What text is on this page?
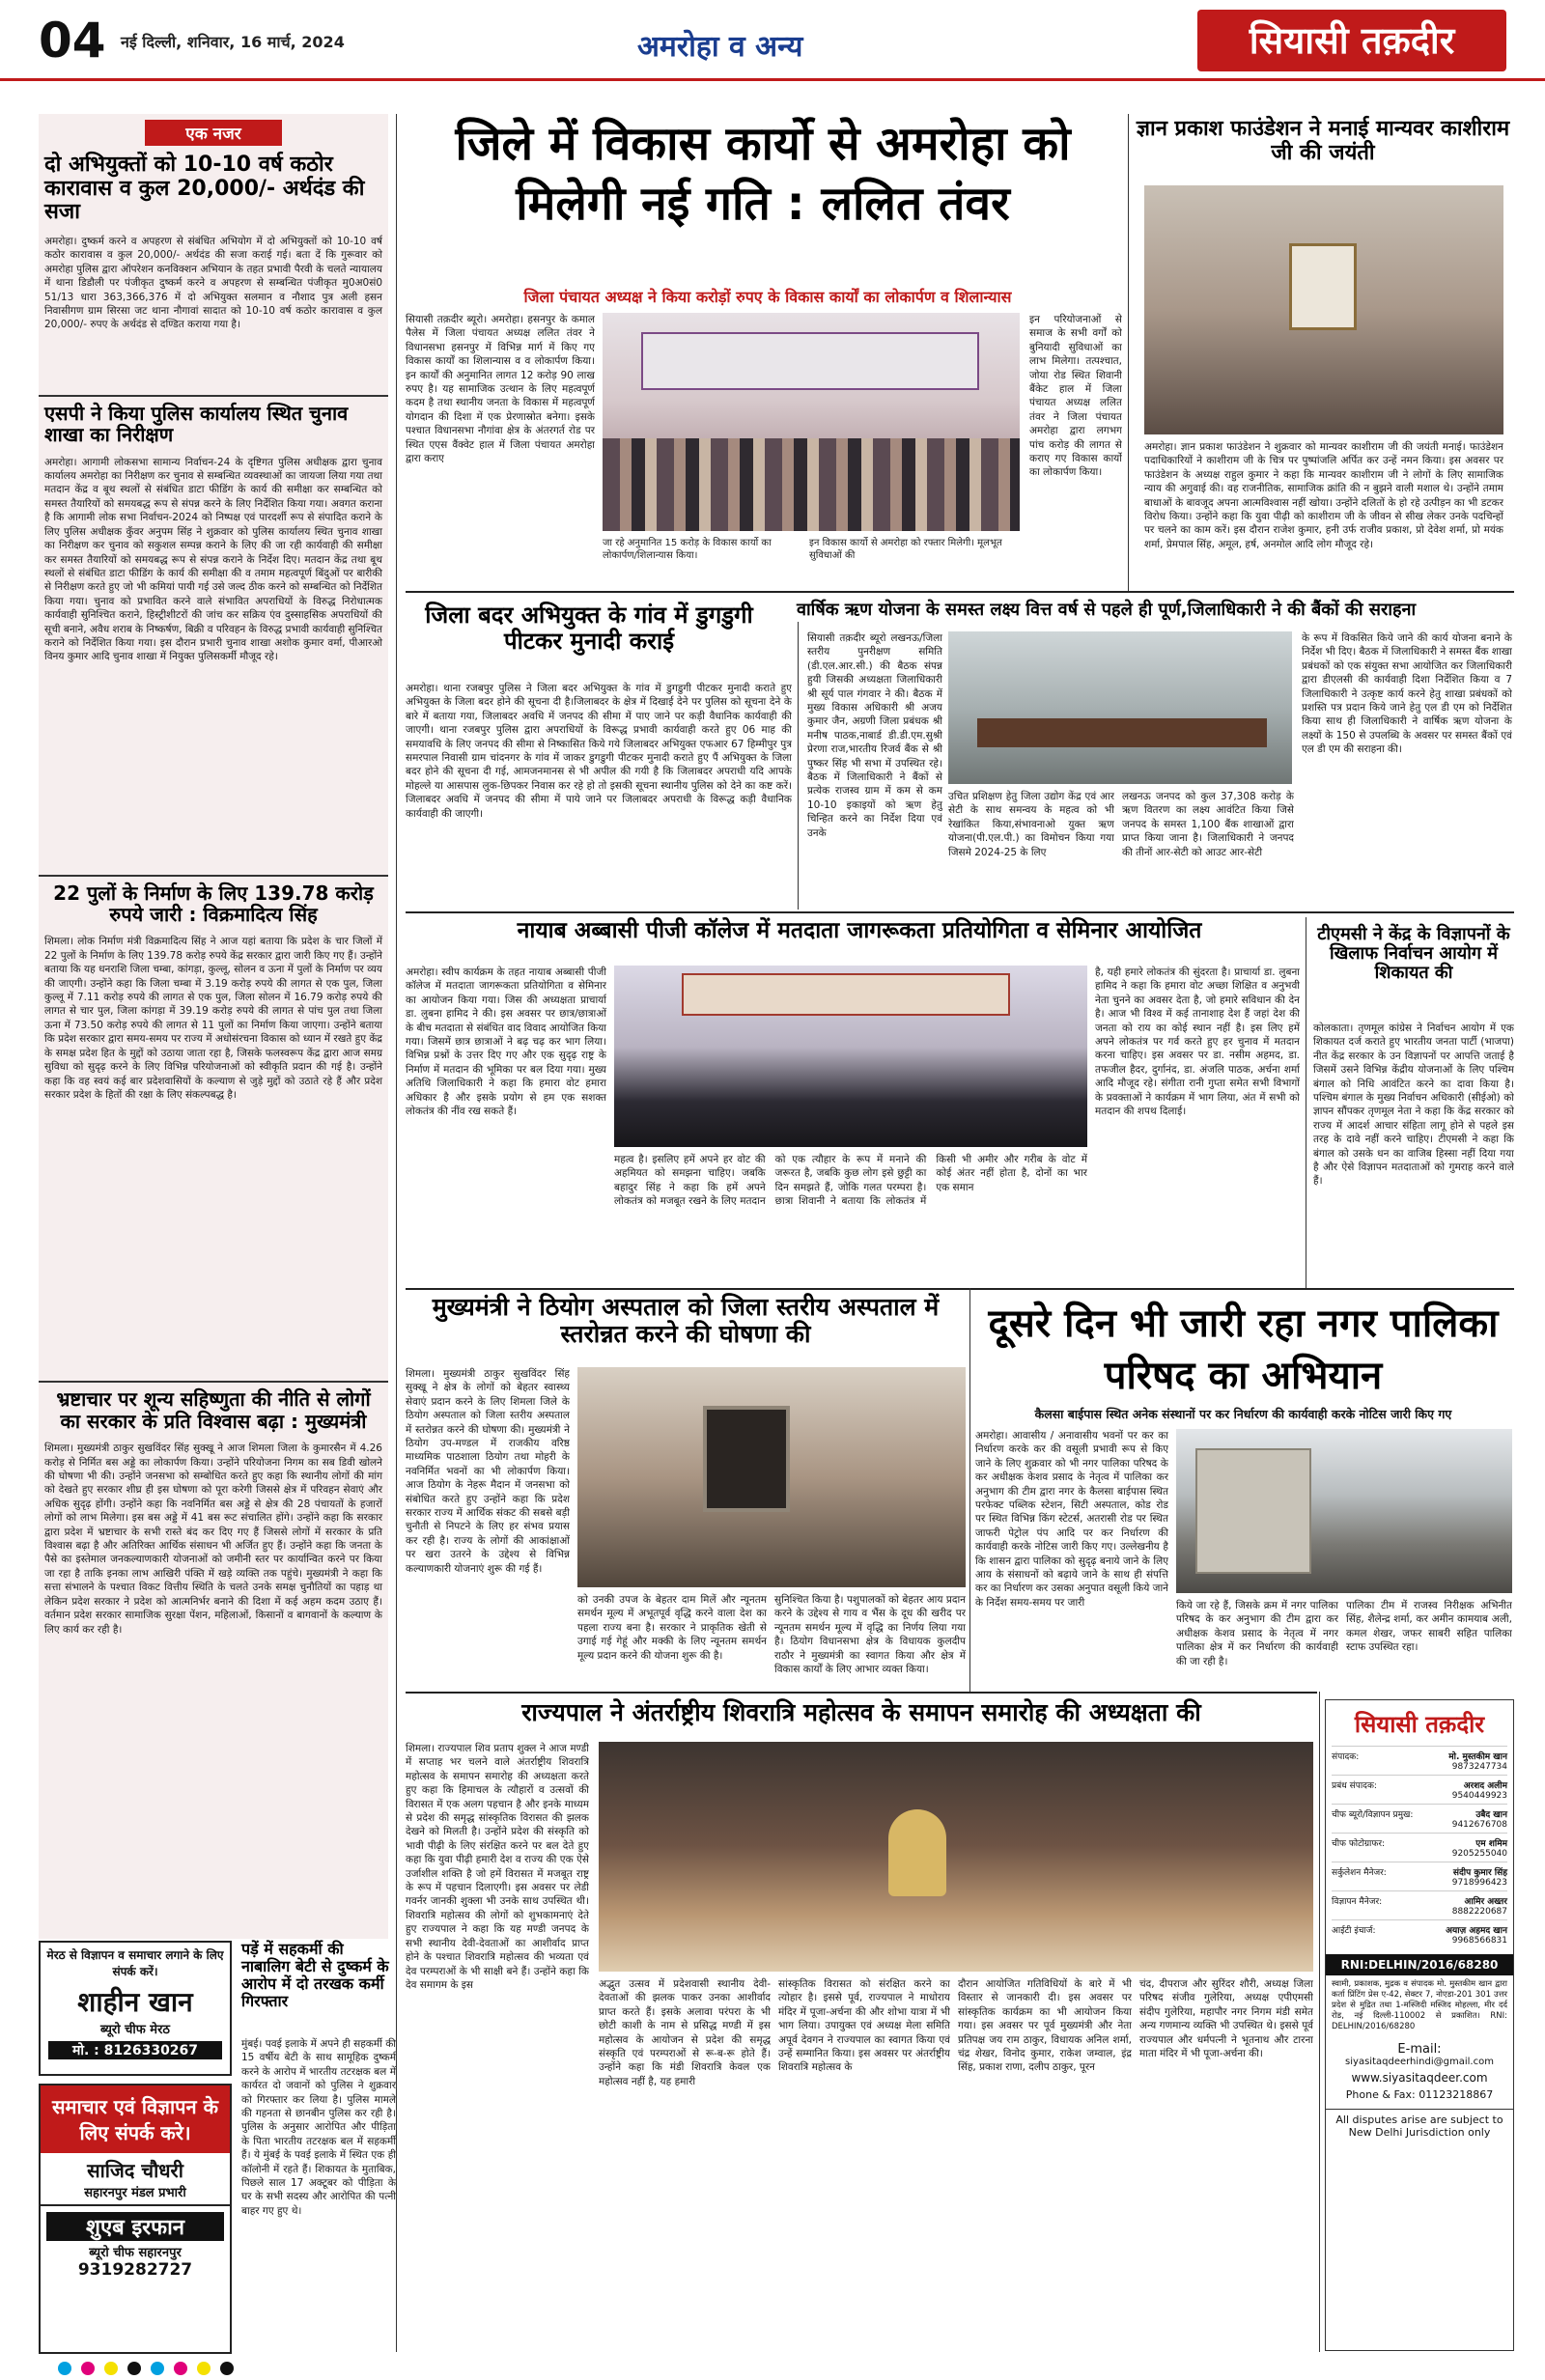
04 नई दिल्ली, शनिवार, 16 मार्च, 2024	अमरोहा व अन्य	सियासी तक़दीर
एक नजर
दो अभियुक्तों को 10-10 वर्ष कठोर कारावास व कुल 20,000/- अर्थदंड की सजा
अमरोहा। दुष्कर्म करने व अपहरण से संबंधित अभियोग में दो अभियुक्तों को 10-10 वर्ष कठोर कारावास व कुल 20,000/- अर्थदंड की सजा कराई गई। बता दें कि गुरूवार को अमरोहा पुलिस द्वारा ऑपरेशन कनविक्शन अभियान के तहत प्रभावी पैरवी के चलते न्यायालय में थाना डिडौली पर पंजीकृत दुष्कर्म करने व अपहरण से सम्बन्धित पंजीकृत मु0अ0सं0 51/13 धारा 363,366,376 में दो अभियुक्त सलमान व नौशाद पुत्र अली हसन निवासीगण ग्राम सिरसा जट थाना नौगावां सादात को 10-10 वर्ष कठोर कारावास व कुल 20,000/- रुपए के अर्थदंड से दण्डित कराया गया है।
एसपी ने किया पुलिस कार्यालय स्थित चुनाव शाखा का निरीक्षण
अमरोहा। आगामी लोकसभा सामान्य निर्वाचन-24 के दृष्टिगत पुलिस अधीक्षक द्वारा चुनाव कार्यालय अमरोहा का निरीक्षण कर चुनाव से सम्बन्धित व्यवस्थाओं का जायजा लिया गया तथा मतदान केंद्र व बूथ स्थलों से संबंधित डाटा फीडिंग के कार्य की समीक्षा कर सम्बन्धित को समस्त तैयारियों को समयबद्ध रूप से संपन्न करने के लिए निर्देशित किया गया। अवगत कराना है कि आगामी लोक सभा निर्वाचन-2024 को निष्पक्ष एवं पारदर्शी रूप से संपादित कराने के लिए पुलिस अधीक्षक कुँवर अनुपम सिंह ने शुक्रवार को पुलिस कार्यालय स्थित चुनाव शाखा का निरीक्षण कर चुनाव को सकुशल सम्पन्न कराने के लिए की जा रही कार्यवाही की समीक्षा कर समस्त तैयारियों को समयबद्ध रूप से संपन्न कराने के निर्देश दिए। मतदान केंद्र तथा बूथ स्थलों से संबंधित डाटा फीडिंग के कार्य की समीक्षा की व तमाम महत्वपूर्ण बिंदुओं पर बारीकी से निरीक्षण करते हुए जो भी कमियां पायी गई उसे जल्द ठीक करने को सम्बन्धित को निर्देशित किया गया। चुनाव को प्रभावित करने वाले संभावित अपराधियों के विरुद्ध निरोधात्मक कार्यवाही सुनिश्चित कराने, हिस्ट्रीशीटरों की जांच कर सक्रिय एंव दुस्साहसिक अपराधियों की सूची बनाने, अवैध शराब के निष्कर्षण, बिक्री व परिवहन के विरुद्ध प्रभावी कार्यवाही सुनिश्चित कराने को निर्देशित किया गया। इस दौरान प्रभारी चुनाव शाखा अशोक कुमार वर्मा, पीआरओ विनय कुमार आदि चुनाव शाखा में नियुक्त पुलिसकर्मी मौजूद रहे।
22 पुलों के निर्माण के लिए 139.78 करोड़ रुपये जारी : विक्रमादित्य सिंह
शिमला। लोक निर्माण मंत्री विक्रमादित्य सिंह ने आज यहां बताया कि प्रदेश के चार जिलों में 22 पुलों के निर्माण के लिए 139.78 करोड़ रुपये केंद्र सरकार द्वारा जारी किए गए हैं। उन्होंने बताया कि यह धनराशि जिला चम्बा, कांगड़ा, कुल्लू, सोलन व ऊना में पुलों के निर्माण पर व्यय की जाएगी। उन्होंने कहा कि जिला चम्बा में 3.19 करोड़ रुपये की लागत से एक पुल, जिला कुल्लू में 7.11 करोड़ रुपये की लागत से एक पुल, जिला सोलन में 16.79 करोड़ रुपये की लागत से चार पुल, जिला कांगड़ा में 39.19 करोड़ रुपये की लागत से पांच पुल तथा जिला ऊना में 73.50 करोड़ रुपये की लागत से 11 पुलों का निर्माण किया जाएगा। उन्होंने बताया कि प्रदेश सरकार द्वारा समय-समय पर राज्य में अधोसंरचना विकास को ध्यान में रखते हुए केंद्र के समक्ष प्रदेश हित के मुद्दों को उठाया जाता रहा है, जिसके फलस्वरूप केंद्र द्वारा आज समग्र सुविधा को सुदृढ़ करने के लिए विभिन्न परियोजनाओं को स्वीकृति प्रदान की गई है। उन्होंने कहा कि वह स्वयं कई बार प्रदेशवासियों के कल्याण से जुड़े मुद्दों को उठाते रहे हैं और प्रदेश सरकार प्रदेश के हितों की रक्षा के लिए संकल्पबद्ध है।
भ्रष्टाचार पर शून्य सहिष्णुता की नीति से लोगों का सरकार के प्रति विश्वास बढ़ा : मुख्यमंत्री
शिमला। मुख्यमंत्री ठाकुर सुखविंदर सिंह सुक्खू ने आज शिमला जिला के कुमारसैन में 4.26 करोड़ से निर्मित बस अड्डे का लोकार्पण किया। उन्होंने परियोजना निगम का सब डिवी खोलने की घोषणा भी की। उन्होंने जनसभा को सम्बोधित करते हुए कहा कि स्थानीय लोगों की मांग को देखते हुए सरकार शीघ्र ही इस घोषणा को पूरा करेगी जिससे क्षेत्र में परिवहन सेवाएं और अधिक सुदृढ़ होंगी। उन्होंने कहा कि नवनिर्मित बस अड्डे से क्षेत्र की 28 पंचायतों के हजारों लोगों को लाभ मिलेगा। इस बस अड्डे में 41 बस रूट संचालित होंगे। उन्होंने कहा कि सरकार द्वारा प्रदेश में भ्रष्टाचार के सभी रास्ते बंद कर दिए गए हैं जिससे लोगों में सरकार के प्रति विश्वास बढ़ा है और अतिरिक्त आर्थिक संसाधन भी अर्जित हुए हैं। उन्होंने कहा कि जनता के पैसे का इस्तेमाल जनकल्याणकारी योजनाओं को जमीनी स्तर पर कार्यान्वित करने पर किया जा रहा है ताकि इनका लाभ आखिरी पंक्ति में खड़े व्यक्ति तक पहुंचे। मुख्यमंत्री ने कहा कि सत्ता संभालने के पश्चात विकट वित्तीय स्थिति के चलते उनके समक्ष चुनौतियों का पहाड़ था लेकिन प्रदेश सरकार ने प्रदेश को आत्मनिर्भर बनाने की दिशा में कई अहम कदम उठाए हैं। वर्तमान प्रदेश सरकार सामाजिक सुरक्षा पेंशन, महिलाओं, किसानों व बागवानों के कल्याण के लिए कार्य कर रही है।
मेरठ से विज्ञापन व समाचार लगाने के लिए संपर्क करें।
शाहीन खान
ब्यूरो चीफ मेरठ
मो. : 8126330267
समाचार एवं विज्ञापन के लिए संपर्क करे।
साजिद चौधरी
सहारनपुर मंडल प्रभारी
शुएब इरफान
ब्यूरो चीफ सहारनपुर
9319282727
जिले में विकास कार्यो से अमरोहा को मिलेगी नई गति : ललित तंवर
जिला पंचायत अध्यक्ष ने किया करोड़ों रुपए के विकास कार्यों का लोकार्पण व शिलान्यास
सियासी तक़दीर ब्यूरो। अमरोहा। हसनपुर के कमाल पैलेस में जिला पंचायत अध्यक्ष ललित तंवर ने विधानसभा हसनपुर में विभिन्न मार्ग में किए गए विकास कार्यों का शिलान्यास व व लोकार्पण किया। इन कार्यों की अनुमानित लागत 12 करोड़ 90 लाख रुपए है। यह सामाजिक उत्थान के लिए महत्वपूर्ण कदम है तथा स्थानीय जनता के विकास में महत्वपूर्ण योगदान की दिशा में एक प्रेरणास्रोत बनेगा। इसके पश्चात विधानसभा नौगांवा क्षेत्र के अंतरगर्त रोड पर स्थित एएस वैंक्वेट हाल में जिला पंचायत अमरोहा द्वारा कराए
जा रहे अनुमानित 15 करोड़ के विकास कार्यो का लोकार्पण/शिलान्यास किया।
इन विकास कार्यो से अमरोहा को रफ्तार मिलेगी। मूलभूत सुविधाओं की
इन परियोजनाओं से समाज के सभी वर्गों को बुनियादी सुविधाओं का लाभ मिलेगा। तत्पश्चात, जोया रोड स्थित शिवानी बैंकेट हाल में जिला पंचायत अध्यक्ष ललित तंवर ने जिला पंचायत अमरोहा द्वारा लगभग पांच करोड़ की लागत से कराए गए विकास कार्यो का लोकार्पण किया।
ज्ञान प्रकाश फाउंडेशन ने मनाई मान्यवर काशीराम जी की जयंती
अमरोहा। ज्ञान प्रकाश फाउंडेशन ने शुक्रवार को मान्यवर काशीराम जी की जयंती मनाई। फाउंडेशन पदाधिकारियों ने काशीराम जी के चित्र पर पुष्पांजलि अर्पित कर उन्हें नमन किया। इस अवसर पर फाउंडेशन के अध्यक्ष राहुल कुमार ने कहा कि मान्यवर काशीराम जी ने लोगों के लिए सामाजिक न्याय की अगुवाई की। वह राजनीतिक, सामाजिक क्रांति की न बुझने वाली मशाल थे। उन्होंने तमाम बाधाओं के बावजूद अपना आत्मविश्वास नहीं खोया। उन्होंने दलितों के हो रहे उत्पीड़न का भी डटकर विरोध किया। उन्होंने कहा कि युवा पीढ़ी को काशीराम जी के जीवन से सीख लेकर उनके पदचिन्हों पर चलने का काम करें। इस दौरान राजेश कुमार, हनी उर्फ राजीव प्रकाश, प्रो देवेश शर्मा, प्रो मयंक शर्मा, प्रेमपाल सिंह, अमूल, हर्ष, अनमोल आदि लोग मौजूद रहे।
जिला बदर अभियुक्त के गांव में डुगडुगी पीटकर मुनादी कराई
अमरोहा। थाना रजबपुर पुलिस ने जिला बदर अभियुक्त के गांव में डुगडुगी पीटकर मुनादी कराते हुए अभियुक्त के जिला बदर होने की सूचना दी है।जिलाबदर के क्षेत्र में दिखाई देने पर पुलिस को सूचना देने के बारे में बताया गया, जिलाबदर अवधि में जनपद की सीमा में पाए जाने पर कड़ी वैधानिक कार्यवाही की जाएगी। थाना रजबपुर पुलिस द्वारा अपराधियों के विरूद्ध प्रभावी कार्यवाही करते हुए 06 माह की समयावधि के लिए जनपद की सीमा से निष्कासित किये गये जिलाबदर अभियुक्त एफआर 67 हिम्मीपुर पुत्र समरपाल निवासी ग्राम चांदनगर के गांव में जाकर डुगडुगी पीटकर मुनादी कराते हुए पैं अभियुक्त के जिला बदर होने की सूचना दी गई, आमजनमानस से भी अपील की गयी है कि जिलाबदर अपराधी यदि आपके मोहल्ले या आसपास लुक-छिपकर निवास कर रहे हो तो इसकी सूचना स्थानीय पुलिस को देने का कष्ट करें। जिलाबदर अवधि में जनपद की सीमा में पाये जाने पर जिलाबदर अपराधी के विरूद्ध कड़ी वैधानिक कार्यवाही की जाएगी।
वार्षिक ऋण योजना के समस्त लक्ष्य वित्त वर्ष से पहले ही पूर्ण,जिलाधिकारी ने की बैंकों की सराहना
सियासी तक़दीर ब्यूरो लखनऊ/जिला स्तरीय पुनरीक्षण समिति (डी.एल.आर.सी.) की बैठक संपन्न हुयी जिसकी अध्यक्षता जिलाधिकारी श्री सूर्य पाल गंगवार ने की। बैठक में मुख्य विकास अधिकारी श्री अजय कुमार जैन, अग्रणी जिला प्रबंधक श्री मनीष पाठक,नाबार्ड डी.डी.एम.सुश्री प्रेरणा राज,भारतीय रिजर्व बैंक से श्री पुष्कर सिंह भी सभा में उपस्थित रहे। बैठक में जिलाधिकारी ने बैंकों से प्रत्येक राजस्व ग्राम में कम से कम 10-10 इकाइयों को ऋण हेतु चिन्हित करने का निर्देश दिया एवं उनके
उचित प्रशिक्षण हेतु जिला उद्योग केंद्र एवं आर सेटी के साथ समन्वय के महत्व को भी रेखांकित किया,संभावनाओ युक्त ऋण योजना(पी.एल.पी.) का विमोचन किया गया जिसमे 2024-25 के लिए
लखनऊ जनपद को कुल 37,308 करोड़ के ऋण वितरण का लक्ष्य आवंटित किया जिसे जनपद के समस्त 1,100 बैंक शाखाओं द्वारा प्राप्त किया जाना है। जिलाधिकारी ने जनपद की तीनों आर-सेटी को आउट आर-सेटी
के रूप में विकसित किये जाने की कार्य योजना बनाने के निर्देश भी दिए। बैठक में जिलाधिकारी ने समस्त बैंक शाखा प्रबंधकों को एक संयुक्त सभा आयोजित कर जिलाधिकारी द्वारा डीएलसी की कार्यवाही दिशा निर्देशित किया व 7 जिलाधिकारी ने उत्कृष्ट कार्य करने हेतु शाखा प्रबंधकों को प्रशस्ति पत्र प्रदान किये जाने हेतु एल डी एम को निर्देशित किया साथ ही जिलाधिकारी ने वार्षिक ऋण योजना के लक्ष्यों के 150 से उपलब्धि के अवसर पर समस्त बैंकों एवं एल डी एम की सराहना की।
नायाब अब्बासी पीजी कॉलेज में मतदाता जागरूकता प्रतियोगिता व सेमिनार आयोजित
अमरोहा। स्वीप कार्यक्रम के तहत नायाब अब्बासी पीजी कॉलेज में मतदाता जागरूकता प्रतियोगिता व सेमिनार का आयोजन किया गया। जिस की अध्यक्षता प्राचार्या डा. लुबना हामिद ने की। इस अवसर पर छात्र/छात्राओं के बीच मतदाता से संबंधित वाद विवाद आयोजित किया गया। जिसमें छात्र छात्राओं ने बढ़ चढ़ कर भाग लिया। विभिन्न प्रश्नों के उत्तर दिए गए और एक सुदृढ़ राष्ट्र के निर्माण में मतदान की भूमिका पर बल दिया गया। मुख्य अतिथि जिलाधिकारी ने कहा कि हमारा वोट हमारा अधिकार है और इसके प्रयोग से हम एक सशक्त लोकतंत्र की नींव रख सकते हैं।
महत्व है। इसलिए हमें अपने हर वोट की अहमियत को समझना चाहिए। जबकि बहादुर सिंह ने कहा कि हमें अपने लोकतंत्र को मजबूत रखने के लिए मतदान को एक त्यौहार के रूप में मनाने की जरूरत है, जबकि कुछ लोग इसे छुट्टी का दिन समझते हैं, जोकि गलत परम्परा है। छात्रा शिवानी ने बताया कि लोकतंत्र में किसी भी अमीर और गरीब के वोट में कोई अंतर नहीं होता है, दोनों का भार एक समान
है, यही हमारे लोकतंत्र की सुंदरता है। प्राचार्या डा. लुबना हामिद ने कहा कि हमारा वोट अच्छा शिक्षित व अनुभवी नेता चुनने का अवसर देता है, जो हमारे सविधान की देन है। आज भी विश्व में कई तानाशाह देश हैं जहां देश की जनता को राय का कोई स्थान नहीं है। इस लिए हमें अपने लोकतंत्र पर गर्व करते हुए हर चुनाव में मतदान करना चाहिए। इस अवसर पर डा. नसीम अहमद, डा. तफजील हैदर, दुर्गानंद, डा. अंजलि पाठक, अर्चना शर्मा आदि मौजूद रहे। संगीता रानी गुप्ता समेत सभी विभागों के प्रवक्ताओं ने कार्यक्रम में भाग लिया, अंत में सभी को मतदान की शपथ दिलाई।
टीएमसी ने केंद्र के विज्ञापनों के खिलाफ निर्वाचन आयोग में शिकायत की
कोलकाता। तृणमूल कांग्रेस ने निर्वाचन आयोग में एक शिकायत दर्ज कराते हुए भारतीय जनता पार्टी (भाजपा) नीत केंद्र सरकार के उन विज्ञापनों पर आपत्ति जताई है जिसमें उसने विभिन्न केंद्रीय योजनाओं के लिए पश्चिम बंगाल को निधि आवंटित करने का दावा किया है। पश्चिम बंगाल के मुख्य निर्वाचन अधिकारी (सीईओ) को ज्ञापन सौंपकर तृणमूल नेता ने कहा कि केंद्र सरकार को राज्य में आदर्श आचार संहिता लागू होने से पहले इस तरह के दावे नहीं करने चाहिए। टीएमसी ने कहा कि बंगाल को उसके धन का वाजिब हिस्सा नहीं दिया गया है और ऐसे विज्ञापन मतदाताओं को गुमराह करने वाले हैं।
मुख्यमंत्री ने ठियोग अस्पताल को जिला स्तरीय अस्पताल में स्तरोन्नत करने की घोषणा की
शिमला। मुख्यमंत्री ठाकुर सुखविंदर सिंह सुक्खू ने क्षेत्र के लोगों को बेहतर स्वास्थ्य सेवाएं प्रदान करने के लिए शिमला जिले के ठियोग अस्पताल को जिला स्तरीय अस्पताल में स्तरोन्नत करने की घोषणा की। मुख्यमंत्री ने ठियोग उप-मण्डल में राजकीय वरिष्ठ माध्यमिक पाठशाला ठियोग तथा मोहरी के नवनिर्मित भवनों का भी लोकार्पण किया। आज ठियोग के नेहरू मैदान में जनसभा को संबोधित करते हुए उन्होंने कहा कि प्रदेश सरकार राज्य में आर्थिक संकट की सबसे बड़ी चुनौती से निपटने के लिए हर संभव प्रयास कर रही है। राज्य के लोगों की आकांक्षाओं पर खरा उतरने के उद्देश्य से विभिन्न कल्याणकारी योजनाएं शुरू की गई हैं।
को उनकी उपज के बेहतर दाम मिलें और न्यूनतम समर्थन मूल्य में अभूतपूर्व वृद्धि करने वाला देश का पहला राज्य बना है। सरकार ने प्राकृतिक खेती से उगाई गई गेहूं और मक्की के लिए न्यूनतम समर्थन मूल्य प्रदान करने की योजना शुरू की है।
सुनिश्चित किया है। पशुपालकों को बेहतर आय प्रदान करने के उद्देश्य से गाय व भैंस के दूध की खरीद पर न्यूनतम समर्थन मूल्य में वृद्धि का निर्णय लिया गया है। ठियोग विधानसभा क्षेत्र के विधायक कुलदीप राठौर ने मुख्यमंत्री का स्वागत किया और क्षेत्र में विकास कार्यों के लिए आभार व्यक्त किया।
दूसरे दिन भी जारी रहा नगर पालिका परिषद का अभियान
कैलसा बाईपास स्थित अनेक संस्थानों पर कर निर्धारण की कार्यवाही करके नोटिस जारी किए गए
अमरोहा। आवासीय / अनावासीय भवनों पर कर का निर्धारण करके कर की वसूली प्रभावी रूप से किए जाने के लिए शुक्रवार को भी नगर पालिका परिषद के कर अधीक्षक केशव प्रसाद के नेतृत्व में पालिका कर अनुभाग की टीम द्वारा नगर के कैलसा बाईपास स्थित परफेक्ट पब्लिक स्टेशन, सिटी अस्पताल, कोड रोड पर स्थित विभिन्न किंग स्टेटर्स, अतरासी रोड पर स्थित जाफरी पेट्रोल पंप आदि पर कर निर्धारण की कार्यवाही करके नोटिस जारी किए गए। उल्लेखनीय है कि शासन द्वारा पालिका को सुदृढ़ बनाये जाने के लिए आय के संसाधनों को बढ़ाये जाने के साथ ही संपत्ति कर का निर्धारण कर उसका अनुपात वसूली किये जाने के निर्देश समय-समय पर जारी	किये जा रहे हैं, जिसके क्रम में नगर पालिका परिषद के कर अनुभाग की टीम द्वारा कर अधीक्षक केशव प्रसाद के नेतृत्व में नगर पालिका क्षेत्र में कर निर्धारण की कार्यवाही की जा रही है।
पालिका टीम में राजस्व निरीक्षक अभिनीत सिंह, शैलेन्द्र शर्मा, कर अमीन कामयाब अली, कमल शेखर, जफर साबरी सहित पालिका स्टाफ उपस्थित रहा।
राज्यपाल ने अंतर्राष्ट्रीय शिवरात्रि महोत्सव के समापन समारोह की अध्यक्षता की
शिमला। राज्यपाल शिव प्रताप शुक्ल ने आज मण्डी में सप्ताह भर चलने वाले अंतर्राष्ट्रीय शिवरात्रि महोत्सव के समापन समारोह की अध्यक्षता करते हुए कहा कि हिमाचल के त्यौहारों व उत्सवों की विरासत में एक अलग पहचान है और इनके माध्यम से प्रदेश की समृद्ध सांस्कृतिक विरासत की झलक देखने को मिलती है। उन्होंने प्रदेश की संस्कृति को भावी पीढ़ी के लिए संरक्षित करने पर बल देते हुए कहा कि युवा पीढ़ी हमारी देश व राज्य की एक ऐसे उर्जाशील शक्ति है जो हमें विरासत में मजबूत राष्ट्र के रूप में पहचान दिलाएगी। इस अवसर पर लेडी गवर्नर जानकी शुक्ला भी उनके साथ उपस्थित थी। शिवरात्रि महोत्सव की लोगों को शुभकामनाएं देते हुए राज्यपाल ने कहा कि यह मण्डी जनपद के सभी स्थानीय देवी-देवताओं का आशीर्वाद प्राप्त होने के पश्चात शिवरात्रि महोत्सव की भव्यता एवं देव परम्पराओं के भी साक्षी बने हैं। उन्होंने कहा कि देव समागम के इस	अद्भुत उत्सव में प्रदेशवासी स्थानीय देवी-देवताओं की झलक पाकर उनका आशीर्वाद प्राप्त करते हैं। इसके अलावा परंपरा के भी छोटी काशी के नाम से प्रसिद्ध मण्डी में इस महोत्सव के आयोजन से प्रदेश की समृद्ध संस्कृति एवं परम्पराओं से रू-ब-रू होते हैं। उन्होंने कहा कि मंडी शिवरात्रि केवल एक महोत्सव नहीं है, यह हमारी
सांस्कृतिक विरासत को संरक्षित करने का त्योहार है। इससे पूर्व, राज्यपाल ने माधोराय मंदिर में पूजा-अर्चना की और शोभा यात्रा में भी भाग लिया। उपायुक्त एवं अध्यक्ष मेला समिति अपूर्व देवगन ने राज्यपाल का स्वागत किया एवं उन्हें सम्मानित किया। इस अवसर पर अंतर्राष्ट्रीय शिवरात्रि महोत्सव के
दौरान आयोजित गतिविधियों के बारे में भी विस्तार से जानकारी दी। इस अवसर पर सांस्कृतिक कार्यक्रम का भी आयोजन किया गया। इस अवसर पर पूर्व मुख्यमंत्री और नेता प्रतिपक्ष जय राम ठाकुर, विधायक अनिल शर्मा, चंद्र शेखर, विनोद कुमार, राकेश जम्वाल, इंद्र सिंह, प्रकाश राणा, दलीप ठाकुर, पूरन
चंद, दीपराज और सुरिंदर शौरी, अध्यक्ष जिला परिषद संजीव गुलेरिया, अध्यक्ष एपीएमसी संदीप गुलेरिया, महापौर नगर निगम मंडी समेत अन्य गणमान्य व्यक्ति भी उपस्थित थे। इससे पूर्व राज्यपाल और धर्मपत्नी ने भूतनाथ और टारना माता मंदिर में भी पूजा-अर्चना की।
पड़ें में सहकर्मी की नाबालिग बेटी से दुष्कर्म के आरोप में दो तरखक कर्मी गिरफ्तार
मुंबई। पवई इलाके में अपने ही सहकर्मी की 15 वर्षीय बेटी के साथ सामूहिक दुष्कर्म करने के आरोप में भारतीय तटरक्षक बल में कार्यरत दो जवानों को पुलिस ने शुक्रवार को गिरफ्तार कर लिया है। पुलिस मामले की गहनता से छानबीन पुलिस कर रही है। पुलिस के अनुसार आरोपित और पीड़िता के पिता भारतीय तटरक्षक बल में सहकर्मी हैं। ये मुंबई के पवई इलाके में स्थित एक ही कॉलोनी में रहते हैं। शिकायत के मुताबिक, पिछले साल 17 अक्टूबर को पीड़िता के घर के सभी सदस्य और आरोपित की पत्नी बाहर गए हुए थे।
सियासी तक़दीर
संपादक:	मो. मुस्तकीम खान
9873247734
प्रबंध संपादक:	अरशद अलीम
9540449923
चीफ ब्यूरो/विज्ञापन प्रमुख:	उबैद खान
9412676708
चीफ फोटोग्राफर:	एम शमिम
9205255040
सर्कुलेशन मैनेजर:	संदीप कुमार सिंह
9718996423
विज्ञापन मैनेजर:	आमिर अख्तर
8882220687
आईटी इंचार्ज:	अयाज़ अहमद खान
9968566831
RNI:DELHIN/2016/68280
स्वामी, प्रकाशक, मुद्रक व संपादक मो. मुस्तकीम खान द्वारा कर्ता प्रिंटिंग प्रेस ए-42, सेक्टर 7, नोएडा-201 301 उत्तर प्रदेश से मुद्रित तथा 1-मस्जिदी मस्जिद मोहल्ला, मीर दर्द रोड, नई दिल्ली-110002 से प्रकाशित। RNI: DELHIN/2016/68280
E-mail:
siyasitaqdeerhindi@gmail.com
www.siyasitaqdeer.com
Phone & Fax: 01123218867
All disputes arise are subject to New Delhi Jurisdiction only
